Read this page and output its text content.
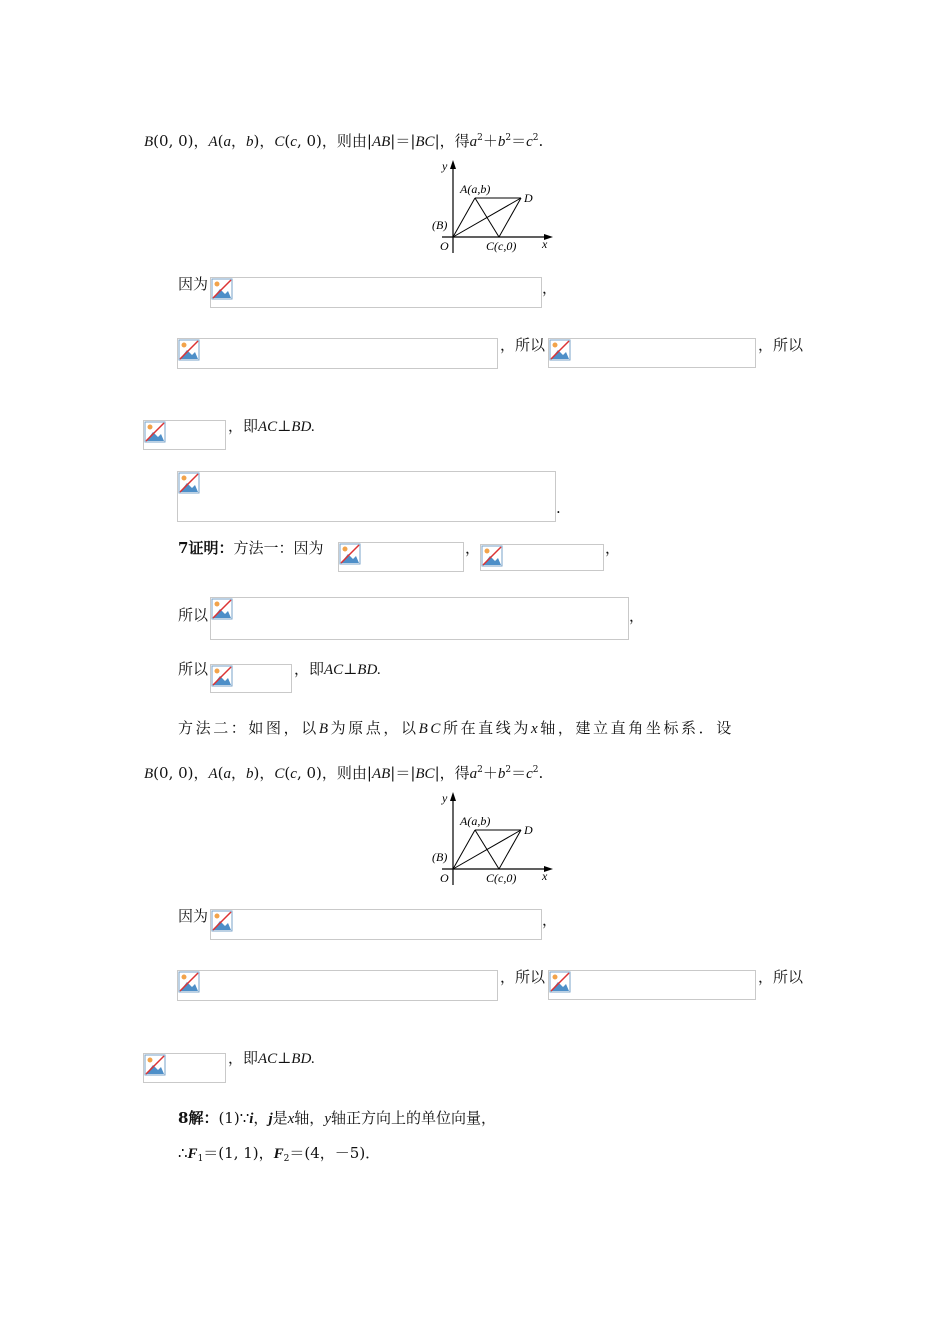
B(0, 0)，A(a，b)，C(c, 0)，则由|AB|＝|BC|，得$a^2+b^2=c^2$.
y
x
A(a,b)
D
(B)
O	C(c,0)
因为	，
，所以	，所以
，即AC⊥BD.
.
7证明：方法一：因为	，	，
所以	，
所以	，即AC⊥BD.
方法二：如图，以B为原点，以BC所在直线为x轴，建立直角坐标系．设
B(0, 0)，A(a，b)，C(c, 0)，则由|AB|＝|BC|，得$a^2+b^2=c^2$.
y
x
A(a,b)
D
(B)
O	C(c,0)
因为	，
，所以	，所以
，即AC⊥BD.
8解：(1)∵i，j是x轴，y轴正方向上的单位向量，
$\therefore F_1=(1$, 1)，$F_2=(4$，－5)．
